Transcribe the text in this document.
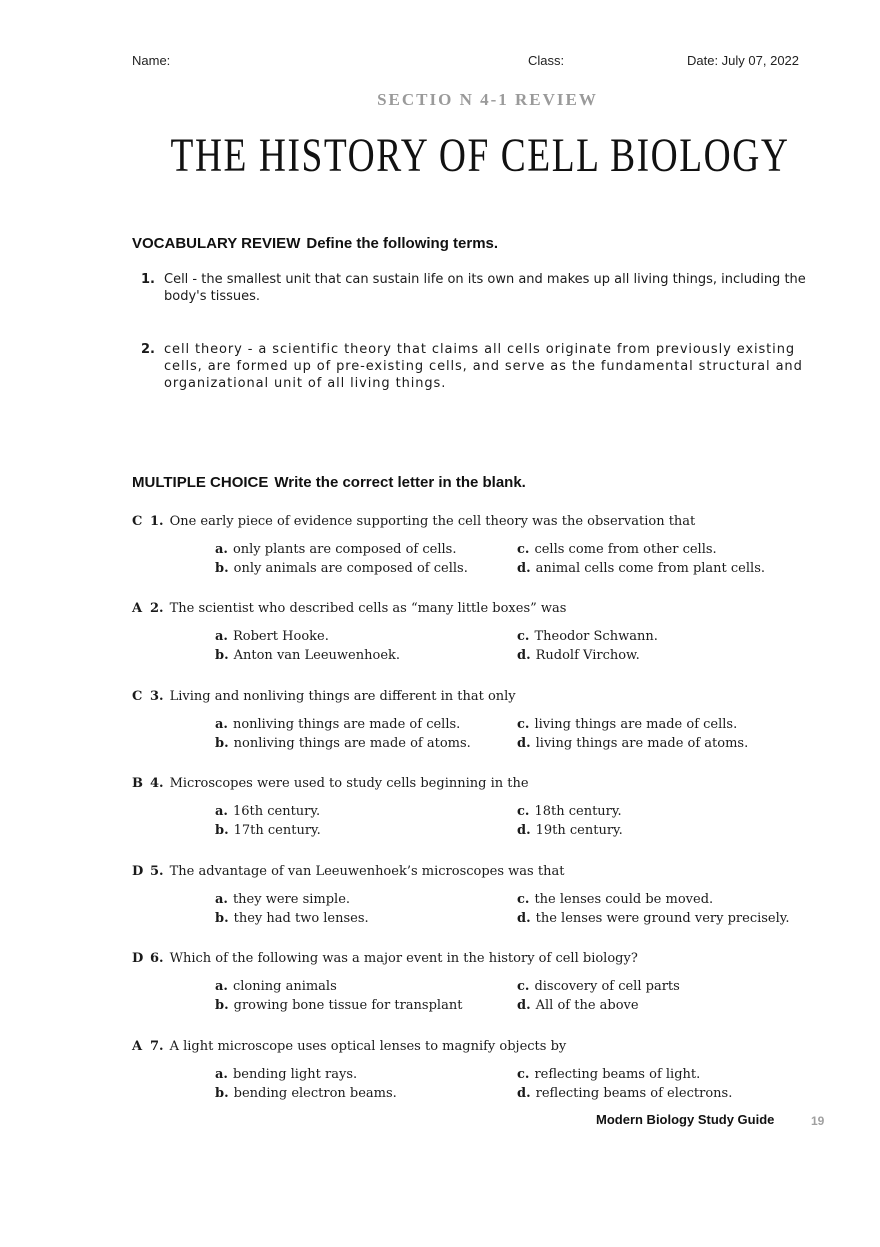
Name:	Class:	Date: July 07, 2022
SECTIO N 4-1 REVIEW
THE HISTORY OF CELL BIOLOGY
VOCABULARY REVIEW Define the following terms.
1. Cell - the smallest unit that can sustain life on its own and makes up all living things, including the body's tissues.
2. cell theory - a scientific theory that claims all cells originate from previously existing cells, are formed up of pre-existing cells, and serve as the fundamental structural and organizational unit of all living things.
MULTIPLE CHOICE Write the correct letter in the blank.
C 1. One early piece of evidence supporting the cell theory was the observation that
a. only plants are composed of cells.	c. cells come from other cells.
b. only animals are composed of cells.	d. animal cells come from plant cells.
A 2. The scientist who described cells as “many little boxes” was
a. Robert Hooke.	c. Theodor Schwann.
b. Anton van Leeuwenhoek.	d. Rudolf Virchow.
C 3. Living and nonliving things are different in that only
a. nonliving things are made of cells.	c. living things are made of cells.
b. nonliving things are made of atoms.	d. living things are made of atoms.
B 4. Microscopes were used to study cells beginning in the
a. 16th century.	c. 18th century.
b. 17th century.	d. 19th century.
D 5. The advantage of van Leeuwenhoek’s microscopes was that
a. they were simple.	c. the lenses could be moved.
b. they had two lenses.	d. the lenses were ground very precisely.
D 6. Which of the following was a major event in the history of cell biology?
a. cloning animals	c. discovery of cell parts
b. growing bone tissue for transplant	d. All of the above
A 7. A light microscope uses optical lenses to magnify objects by
a. bending light rays.	c. reflecting beams of light.
b. bending electron beams.	d. reflecting beams of electrons.
Modern Biology Study Guide	19
